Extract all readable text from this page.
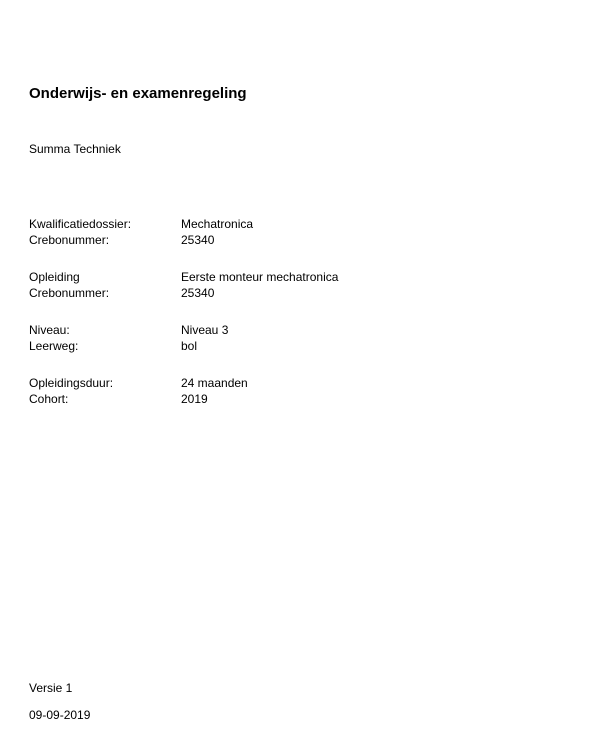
Onderwijs- en examenregeling
Summa Techniek
Kwalificatiedossier:	Mechatronica
Crebonummer:	25340
Opleiding	Eerste monteur mechatronica
Crebonummer:	25340
Niveau:	Niveau 3
Leerweg:	bol
Opleidingsduur:	24 maanden
Cohort:	2019
Versie 1
09-09-2019
